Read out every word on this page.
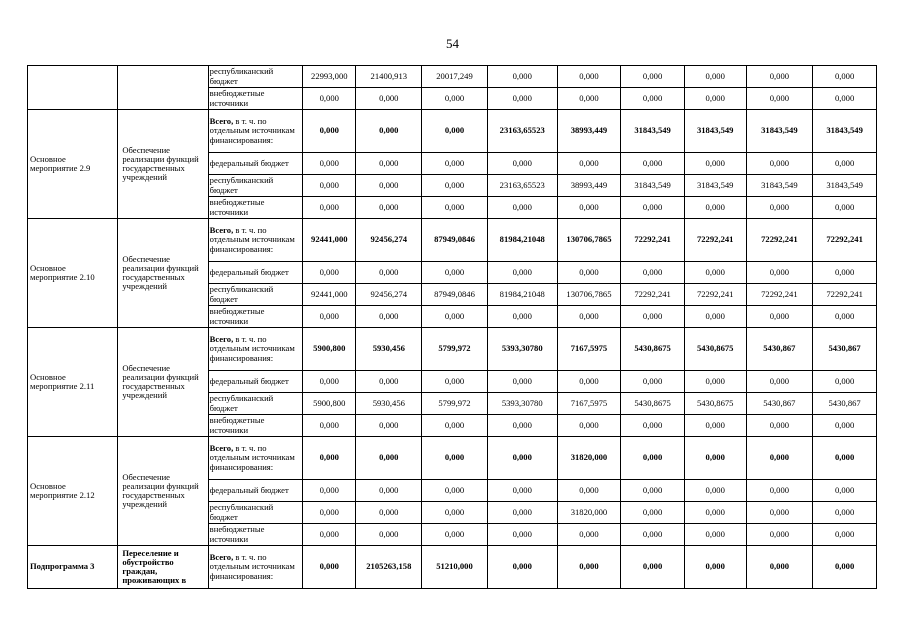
54
		республиканский бюджет	22993,000	21400,913	20017,249	0,000	0,000	0,000	0,000	0,000	0,000
		внебюджетные источники	0,000	0,000	0,000	0,000	0,000	0,000	0,000	0,000	0,000
Основное мероприятие 2.9	Обеспечение реализации функций государственных учреждений	Всего, в т. ч. по отдельным источникам финансирования:	0,000	0,000	0,000	23163,65523	38993,449	31843,549	31843,549	31843,549	31843,549
		федеральный бюджет	0,000	0,000	0,000	0,000	0,000	0,000	0,000	0,000	0,000
		республиканский бюджет	0,000	0,000	0,000	23163,65523	38993,449	31843,549	31843,549	31843,549	31843,549
		внебюджетные источники	0,000	0,000	0,000	0,000	0,000	0,000	0,000	0,000	0,000
Основное мероприятие 2.10	Обеспечение реализации функций государственных учреждений	Всего, в т. ч. по отдельным источникам финансирования:	92441,000	92456,274	87949,0846	81984,21048	130706,7865	72292,241	72292,241	72292,241	72292,241
		федеральный бюджет	0,000	0,000	0,000	0,000	0,000	0,000	0,000	0,000	0,000
		республиканский бюджет	92441,000	92456,274	87949,0846	81984,21048	130706,7865	72292,241	72292,241	72292,241	72292,241
		внебюджетные источники	0,000	0,000	0,000	0,000	0,000	0,000	0,000	0,000	0,000
Основное мероприятие 2.11	Обеспечение реализации функций государственных учреждений	Всего, в т. ч. по отдельным источникам финансирования:	5900,800	5930,456	5799,972	5393,30780	7167,5975	5430,8675	5430,8675	5430,867	5430,867
		федеральный бюджет	0,000	0,000	0,000	0,000	0,000	0,000	0,000	0,000	0,000
		республиканский бюджет	5900,800	5930,456	5799,972	5393,30780	7167,5975	5430,8675	5430,8675	5430,867	5430,867
		внебюджетные источники	0,000	0,000	0,000	0,000	0,000	0,000	0,000	0,000	0,000
Основное мероприятие 2.12	Обеспечение реализации функций государственных учреждений	Всего, в т. ч. по отдельным источникам финансирования:	0,000	0,000	0,000	0,000	31820,000	0,000	0,000	0,000	0,000
		федеральный бюджет	0,000	0,000	0,000	0,000	0,000	0,000	0,000	0,000	0,000
		республиканский бюджет	0,000	0,000	0,000	0,000	31820,000	0,000	0,000	0,000	0,000
		внебюджетные источники	0,000	0,000	0,000	0,000	0,000	0,000	0,000	0,000	0,000
Подпрограмма 3	Переселение и обустройство граждан, проживающих в	Всего, в т. ч. по отдельным источникам финансирования:	0,000	2105263,158	51210,000	0,000	0,000	0,000	0,000	0,000	0,000
